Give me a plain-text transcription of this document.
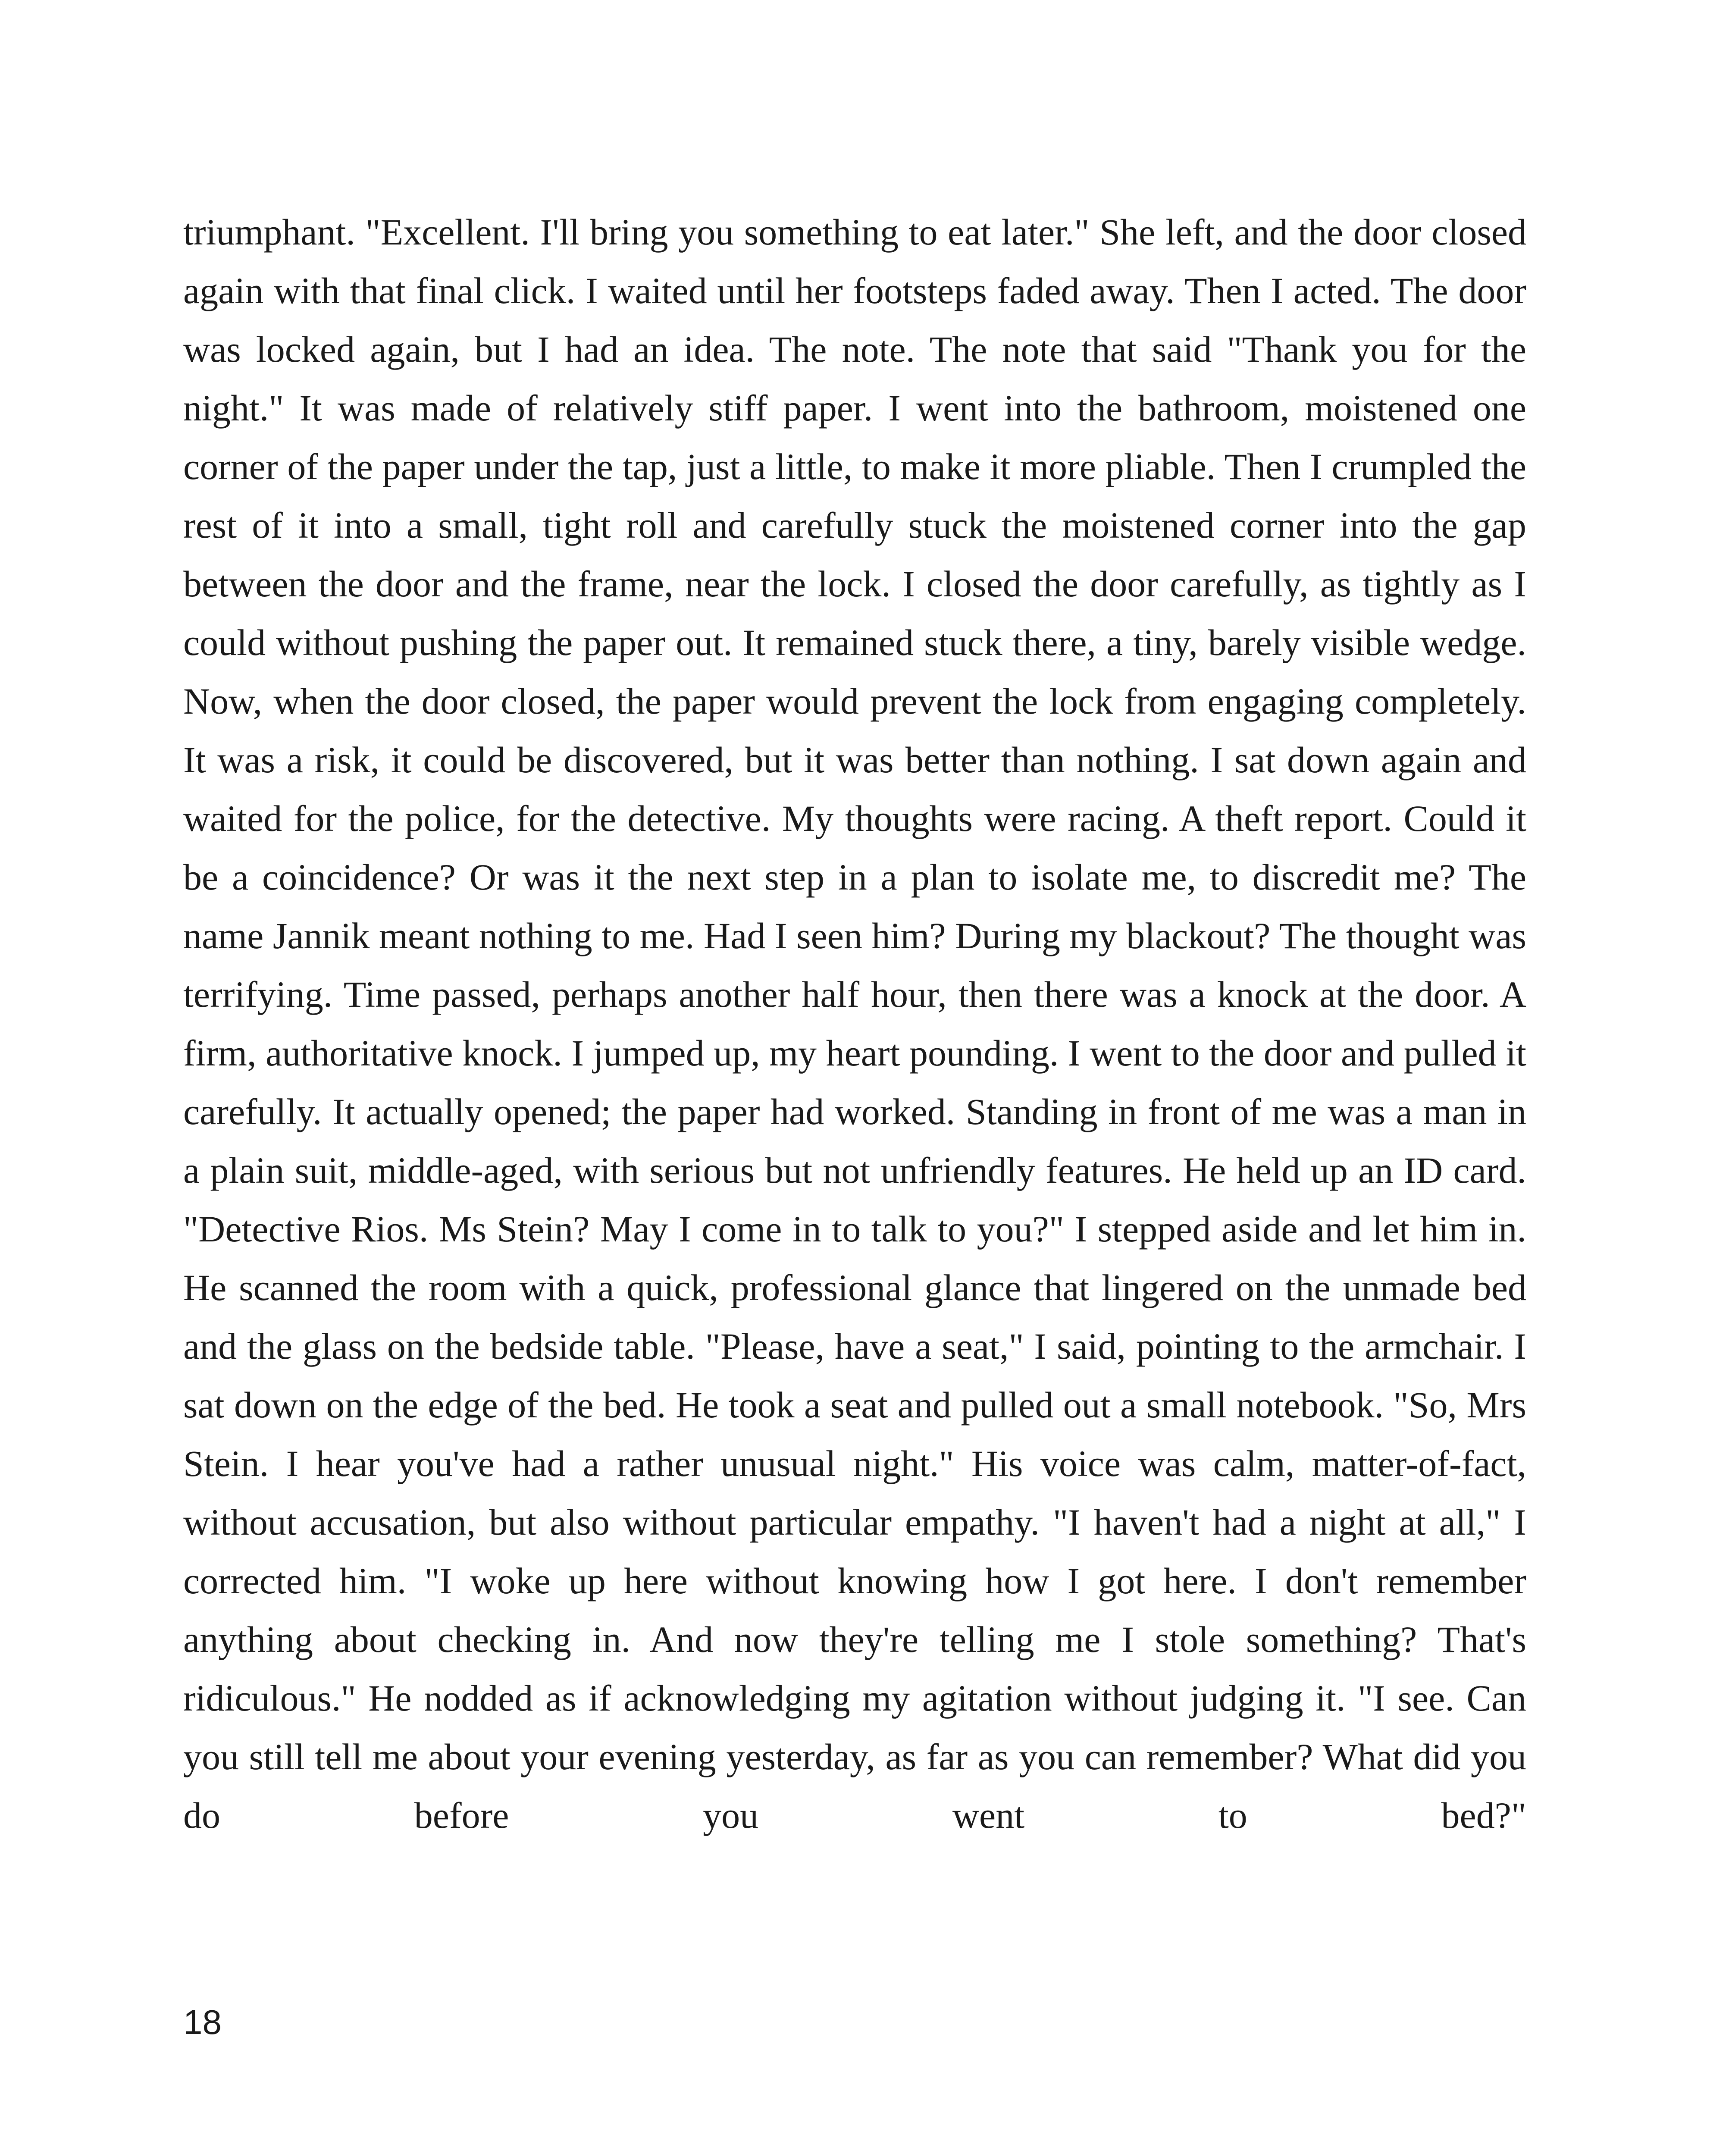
triumphant. "Excellent. I'll bring you something to eat later." She left, and the door closed again with that final click. I waited until her footsteps faded away. Then I acted. The door was locked again, but I had an idea. The note. The note that said "Thank you for the night." It was made of relatively stiff paper. I went into the bathroom, moistened one corner of the paper under the tap, just a little, to make it more pliable. Then I crumpled the rest of it into a small, tight roll and carefully stuck the moistened corner into the gap between the door and the frame, near the lock. I closed the door carefully, as tightly as I could without pushing the paper out. It remained stuck there, a tiny, barely visible wedge. Now, when the door closed, the paper would prevent the lock from engaging completely. It was a risk, it could be discovered, but it was better than nothing. I sat down again and waited for the police, for the detective. My thoughts were racing. A theft report. Could it be a coincidence? Or was it the next step in a plan to isolate me, to discredit me? The name Jannik meant nothing to me. Had I seen him? During my blackout? The thought was terrifying. Time passed, perhaps another half hour, then there was a knock at the door. A firm, authoritative knock. I jumped up, my heart pounding. I went to the door and pulled it carefully. It actually opened; the paper had worked. Standing in front of me was a man in a plain suit, middle-aged, with serious but not unfriendly features. He held up an ID card. "Detective Rios. Ms Stein? May I come in to talk to you?" I stepped aside and let him in. He scanned the room with a quick, professional glance that lingered on the unmade bed and the glass on the bedside table. "Please, have a seat," I said, pointing to the armchair. I sat down on the edge of the bed. He took a seat and pulled out a small notebook. "So, Mrs Stein. I hear you've had a rather unusual night." His voice was calm, matter-of-fact, without accusation, but also without particular empathy. "I haven't had a night at all," I corrected him. "I woke up here without knowing how I got here. I don't remember anything about checking in. And now they're telling me I stole something? That's ridiculous." He nodded as if acknowledging my agitation without judging it. "I see. Can you still tell me about your evening yesterday, as far as you can remember? What did you do before you went to bed?"

18
